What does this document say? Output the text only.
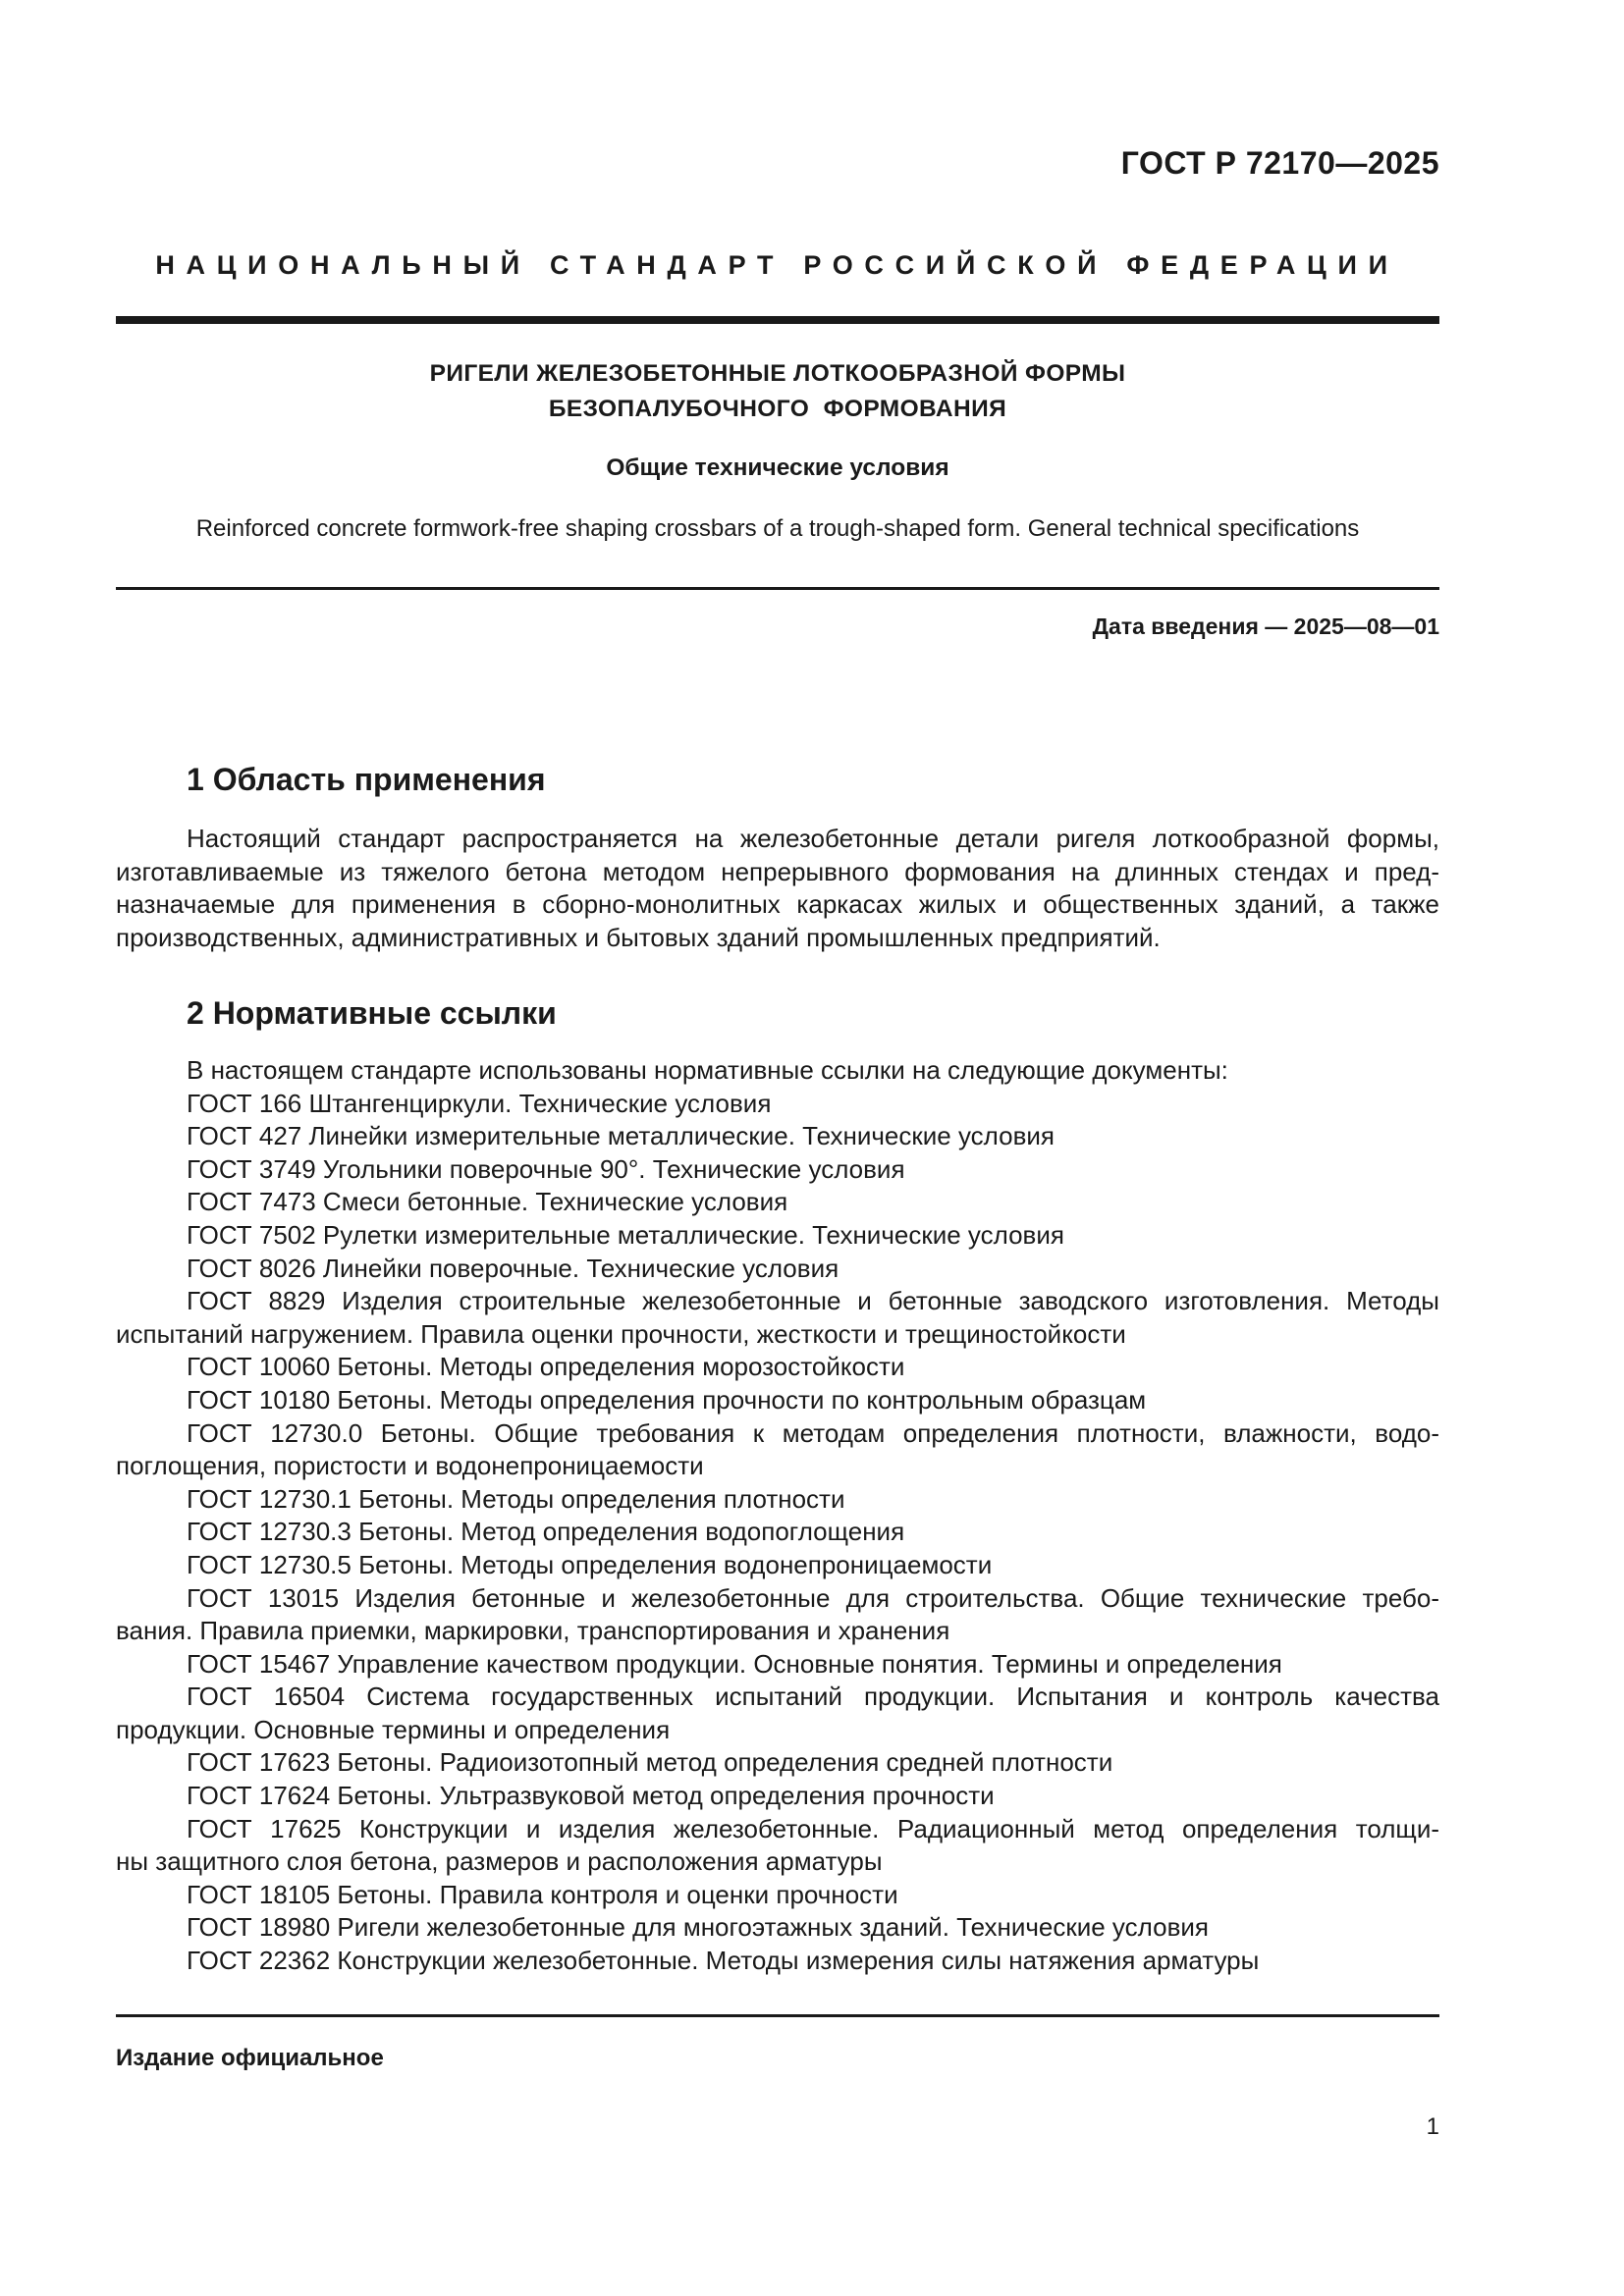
ГОСТ Р 72170—2025
НАЦИОНАЛЬНЫЙ СТАНДАРТ РОССИЙСКОЙ ФЕДЕРАЦИИ
РИГЕЛИ ЖЕЛЕЗОБЕТОННЫЕ ЛОТКООБРАЗНОЙ ФОРМЫ
БЕЗОПАЛУБОЧНОГО  ФОРМОВАНИЯ
Общие технические условия
Reinforced concrete formwork-free shaping crossbars of a trough-shaped form. General technical specifications
Дата введения — 2025—08—01
1 Область применения
Настоящий стандарт распространяется на железобетонные детали ригеля лоткообразной формы,
изготавливаемые из тяжелого бетона методом непрерывного формования на длинных стендах и пред-
назначаемые для применения в сборно-монолитных каркасах жилых и общественных зданий, а также
производственных, административных и бытовых зданий промышленных предприятий.
2 Нормативные ссылки
В настоящем стандарте использованы нормативные ссылки на следующие документы:
ГОСТ 166 Штангенциркули. Технические условия
ГОСТ 427 Линейки измерительные металлические. Технические условия
ГОСТ 3749 Угольники поверочные 90°. Технические условия
ГОСТ 7473 Смеси бетонные. Технические условия
ГОСТ 7502 Рулетки измерительные металлические. Технические условия
ГОСТ 8026 Линейки поверочные. Технические условия
ГОСТ 8829 Изделия строительные железобетонные и бетонные заводского изготовления. Методы
испытаний нагружением. Правила оценки прочности, жесткости и трещиностойкости
ГОСТ 10060 Бетоны. Методы определения морозостойкости
ГОСТ 10180 Бетоны. Методы определения прочности по контрольным образцам
ГОСТ 12730.0 Бетоны. Общие требования к методам определения плотности, влажности, водо-
поглощения, пористости и водонепроницаемости
ГОСТ 12730.1 Бетоны. Методы определения плотности
ГОСТ 12730.3 Бетоны. Метод определения водопоглощения
ГОСТ 12730.5 Бетоны. Методы определения водонепроницаемости
ГОСТ 13015 Изделия бетонные и железобетонные для строительства. Общие технические требо-
вания. Правила приемки, маркировки, транспортирования и хранения
ГОСТ 15467 Управление качеством продукции. Основные понятия. Термины и определения
ГОСТ 16504 Система государственных испытаний продукции. Испытания и контроль качества
продукции. Основные термины и определения
ГОСТ 17623 Бетоны. Радиоизотопный метод определения средней плотности
ГОСТ 17624 Бетоны. Ультразвуковой метод определения прочности
ГОСТ 17625 Конструкции и изделия железобетонные. Радиационный метод определения толщи-
ны защитного слоя бетона, размеров и расположения арматуры
ГОСТ 18105 Бетоны. Правила контроля и оценки прочности
ГОСТ 18980 Ригели железобетонные для многоэтажных зданий. Технические условия
ГОСТ 22362 Конструкции железобетонные. Методы измерения силы натяжения арматуры
Издание официальное
1
